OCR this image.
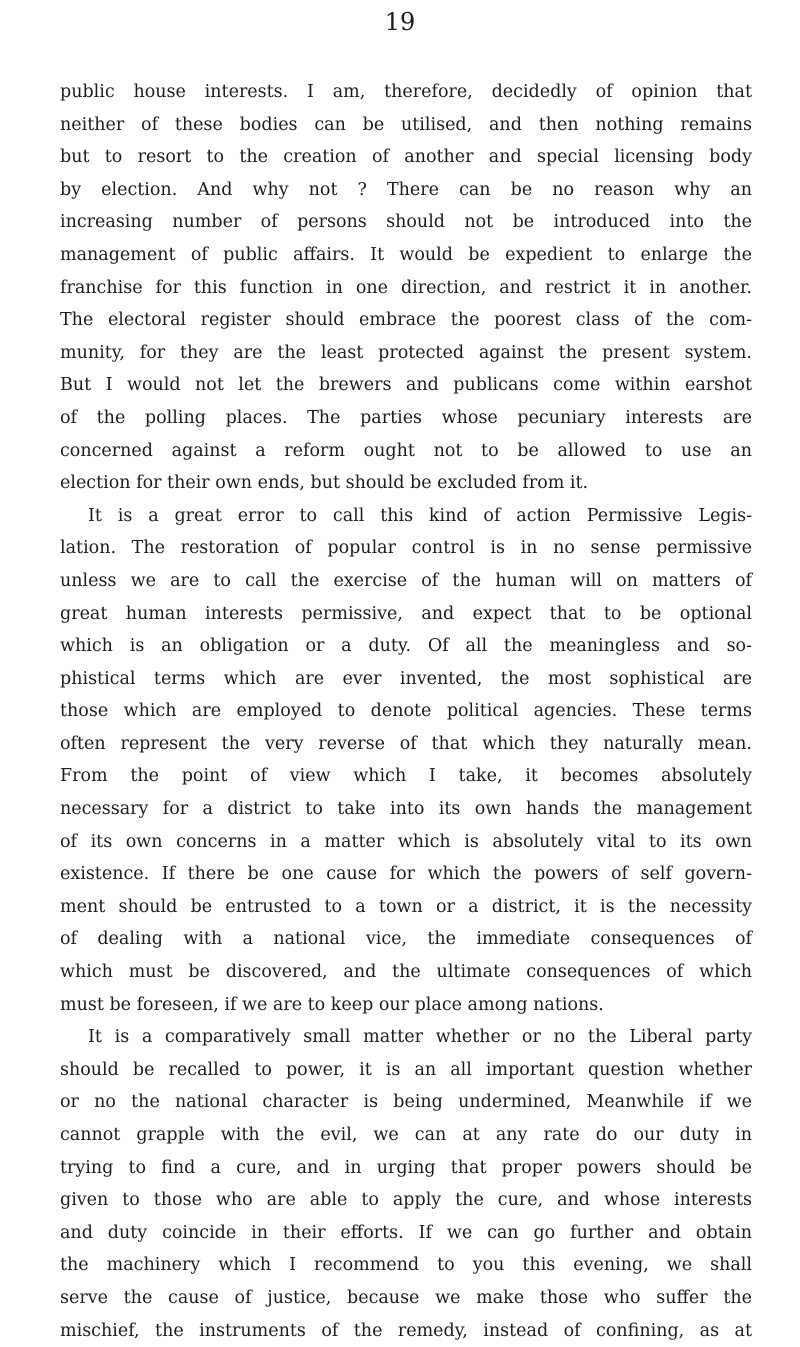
19
public house interests. I am, therefore, decidedly of opinion that
neither of these bodies can be utilised, and then nothing remains
but to resort to the creation of another and special licensing body
by election. And why not ? There can be no reason why an
increasing number of persons should not be introduced into the
management of public affairs. It would be expedient to enlarge the
franchise for this function in one direction, and restrict it in another.
The electoral register should embrace the poorest class of the com-
munity, for they are the least protected against the present system.
But I would not let the brewers and publicans come within earshot
of the polling places. The parties whose pecuniary interests are
concerned against a reform ought not to be allowed to use an
election for their own ends, but should be excluded from it.
It is a great error to call this kind of action Permissive Legis-
lation. The restoration of popular control is in no sense permissive
unless we are to call the exercise of the human will on matters of
great human interests permissive, and expect that to be optional
which is an obligation or a duty. Of all the meaningless and so-
phistical terms which are ever invented, the most sophistical are
those which are employed to denote political agencies. These terms
often represent the very reverse of that which they naturally mean.
From the point of view which I take, it becomes absolutely
necessary for a district to take into its own hands the management
of its own concerns in a matter which is absolutely vital to its own
existence. If there be one cause for which the powers of self govern-
ment should be entrusted to a town or a district, it is the necessity
of dealing with a national vice, the immediate consequences of
which must be discovered, and the ultimate consequences of which
must be foreseen, if we are to keep our place among nations.
It is a comparatively small matter whether or no the Liberal party
should be recalled to power, it is an all important question whether
or no the national character is being undermined, Meanwhile if we
cannot grapple with the evil, we can at any rate do our duty in
trying to find a cure, and in urging that proper powers should be
given to those who are able to apply the cure, and whose interests
and duty coincide in their efforts. If we can go further and obtain
the machinery which I recommend to you this evening, we shall
serve the cause of justice, because we make those who suffer the
mischief, the instruments of the remedy, instead of confining, as at
